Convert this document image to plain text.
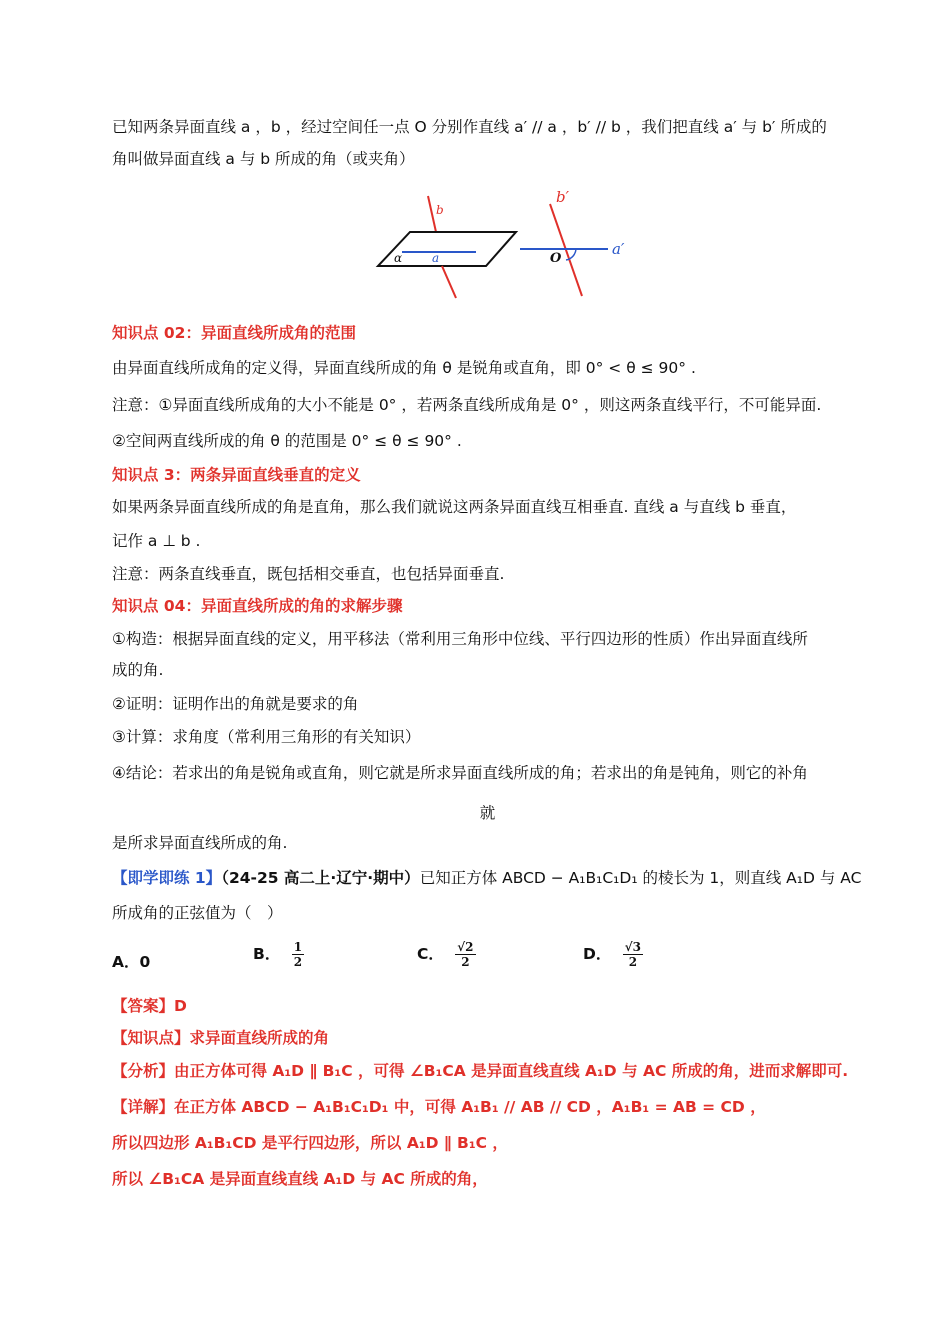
已知两条异面直线 a ，b ，经过空间任一点 O 分别作直线 a′ // a ，b′ // b ，我们把直线 a′ 与 b′ 所成的
角叫做异面直线 a 与 b 所成的角（或夹角）
b
α a
b′
a′
O
知识点 02：异面直线所成角的范围
由异面直线所成角的定义得，异面直线所成的角 θ 是锐角或直角，即 0° < θ ≤ 90° .
注意：①异面直线所成角的大小不能是 0° ，若两条直线所成角是 0° ，则这两条直线平行，不可能异面.
②空间两直线所成的角 θ 的范围是 0° ≤ θ ≤ 90° .
知识点 3：两条异面直线垂直的定义
如果两条异面直线所成的角是直角，那么我们就说这两条异面直线互相垂直. 直线 a 与直线 b 垂直，
记作 a ⊥ b .
注意：两条直线垂直，既包括相交垂直，也包括异面垂直.
知识点 04：异面直线所成的角的求解步骤
①构造：根据异面直线的定义，用平移法（常利用三角形中位线、平行四边形的性质）作出异面直线所
成的角.
②证明：证明作出的角就是要求的角
③计算：求角度（常利用三角形的有关知识）
④结论：若求出的角是锐角或直角，则它就是所求异面直线所成的角；若求出的角是钝角，则它的补角
就
是所求异面直线所成的角.
【即学即练 1】（24-25 高二上·辽宁·期中）已知正方体 ABCD − A₁B₁C₁D₁ 的棱长为 1，则直线 A₁D 与 AC
所成角的正弦值为（　）
A．0	B． $\frac{1}{2}$	C． $\frac{√2}{2}$	D． $\frac{√3}{2}$
【答案】D
【知识点】求异面直线所成的角
【分析】由正方体可得 A₁D ∥ B₁C ，可得 ∠B₁CA 是异面直线直线 A₁D 与 AC 所成的角，进而求解即可.
【详解】在正方体 ABCD − A₁B₁C₁D₁ 中，可得 A₁B₁ // AB // CD ，A₁B₁ = AB = CD ，
所以四边形 A₁B₁CD 是平行四边形，所以 A₁D ∥ B₁C ，
所以 ∠B₁CA 是异面直线直线 A₁D 与 AC 所成的角，
